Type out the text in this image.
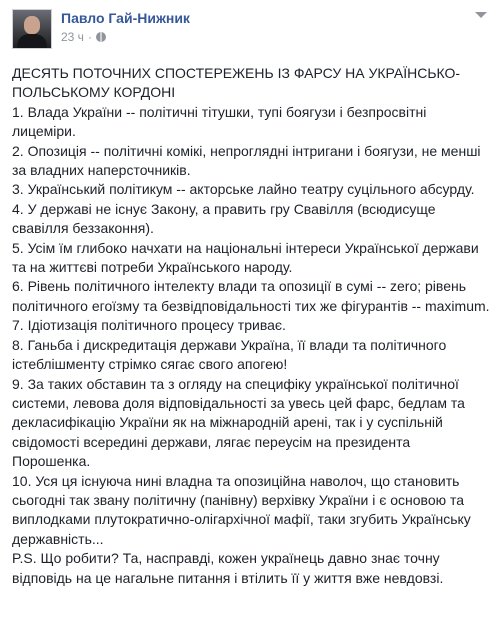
Павло Гай-Нижник
23 ч ·

ДЕСЯТЬ ПОТОЧНИХ СПОСТЕРЕЖЕНЬ ІЗ ФАРСУ НА УКРАЇНСЬКО-ПОЛЬСЬКОМУ КОРДОНІ

1. Влада України -- політичні тітушки, тупі боягузи і безпросвітні лицеміри.

2. Опозиція -- політичні комікі, непроглядні інтригани і боягузи, не менші за владних наперсточників.

3. Український політикум -- акторське лайно театру суцільного абсурду.

4. У державі не існує Закону, а править гру Свавілля (всюдисуще свавілля беззаконня).

5. Усім їм глибоко начхати на національні інтереси Української держави та на життєві потреби Українського народу.

6. Рівень політичного інтелекту влади та опозиції в сумі -- zero; рівень політичного егоїзму та безвідповідальності тих же фігурантів -- maximum.

7. Ідіотизація політичного процесу триває.

8. Ганьба і дискредитація держави Україна, її влади та політичного істеблішменту стрімко сягає свого апогею!

9. За таких обставин та з огляду на специфіку української політичної системи, левова доля відповідальності за увесь цей фарс, бедлам та декласифікацію України як на міжнародній арені, так і у суспільній свідомості всередині держави, лягає переусім на президента Порошенка.

10. Уся ця існуюча нині владна та опозиційна наволоч, що становить сьогодні так звану політичну (панівну) верхівку України і є основою та виплодками плутократично-олігархічної мафії, таки згубить Українську державність...

P.S. Що робити? Та, насправді, кожен українець давно знає точну відповідь на це нагальне питання і втілить її у життя вже невдовзі.
